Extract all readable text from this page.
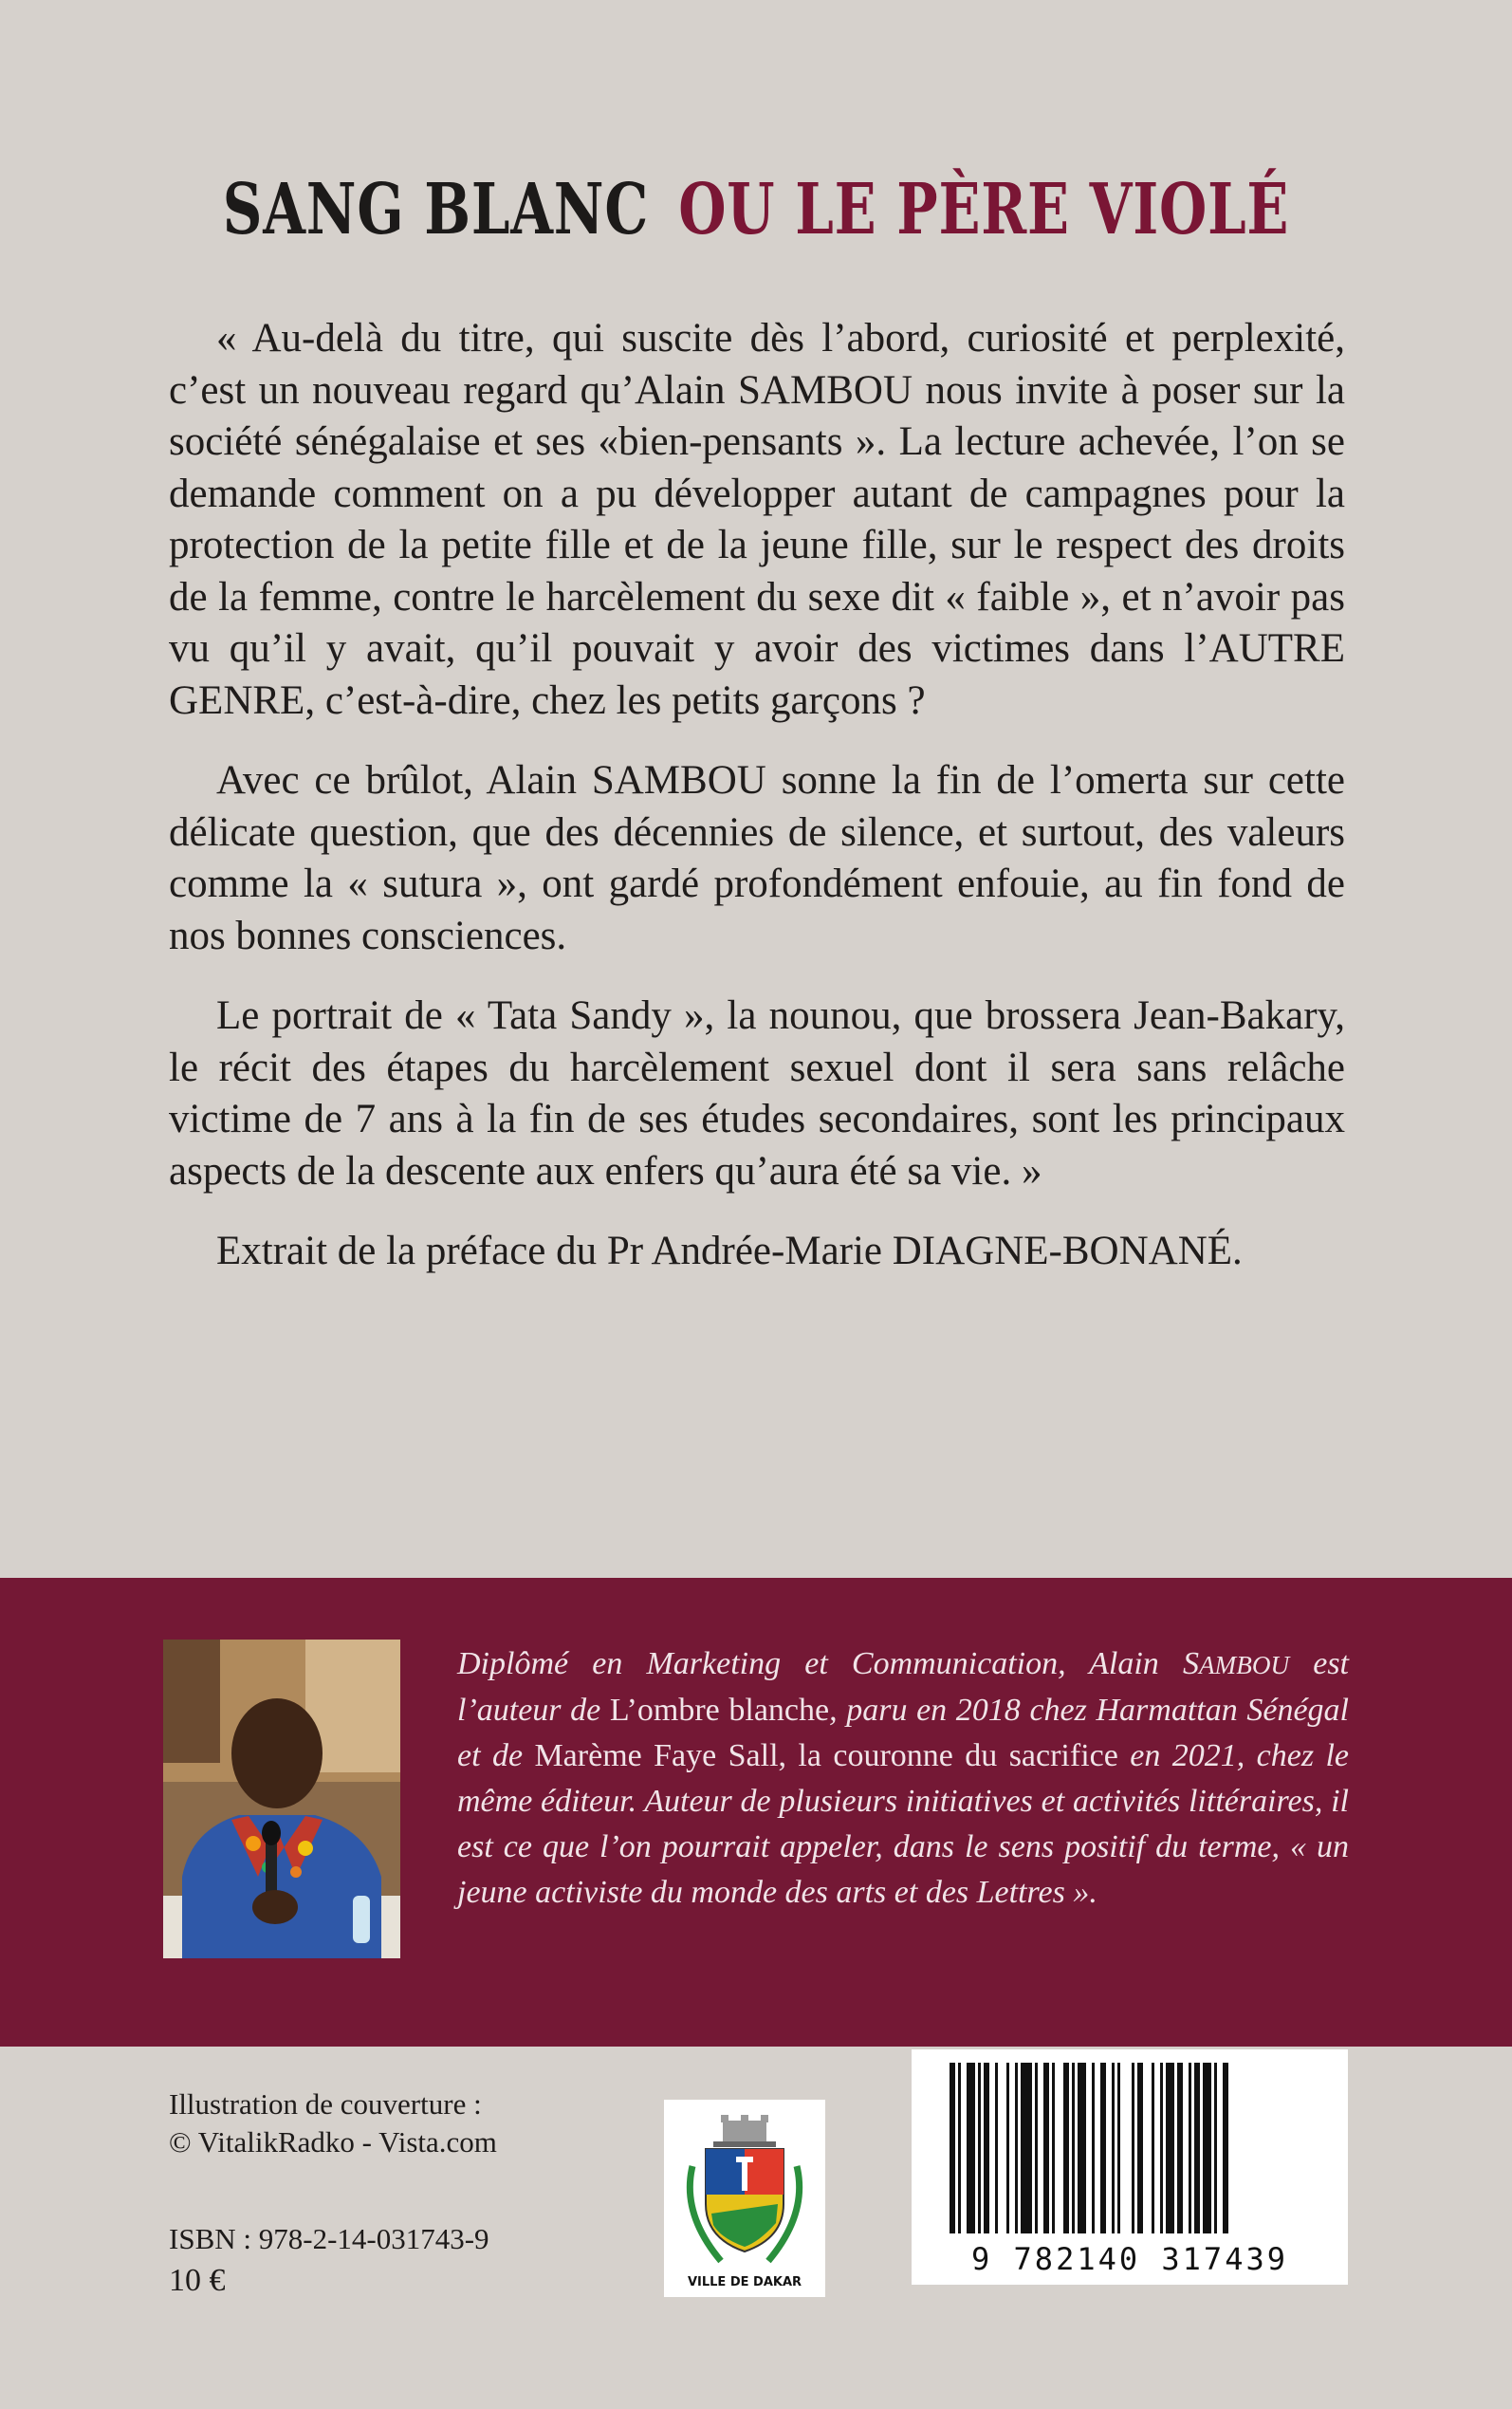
SANG BLANC OU LE PÈRE VIOLÉ

« Au-delà du titre, qui suscite dès l’abord, curiosité et perplexité, c’est un nouveau regard qu’Alain SAMBOU nous invite à poser sur la société sénégalaise et ses «bien-pensants ». La lecture achevée, l’on se demande comment on a pu développer autant de campagnes pour la protection de la petite fille et de la jeune fille, sur le respect des droits de la femme, contre le harcèlement du sexe dit « faible », et n’avoir pas vu qu’il y avait, qu’il pouvait y avoir des victimes dans l’AUTRE GENRE, c’est-à-dire, chez les petits garçons ?

Avec ce brûlot, Alain SAMBOU sonne la fin de l’omerta sur cette délicate question, que des décennies de silence, et surtout, des valeurs comme la « sutura », ont gardé profondément enfouie, au fin fond de nos bonnes consciences.

Le portrait de « Tata Sandy », la nounou, que brossera Jean-Bakary, le récit des étapes du harcèlement sexuel dont il sera sans relâche victime de 7 ans à la fin de ses études secondaires, sont les principaux aspects de la descente aux enfers qu’aura été sa vie. »

Extrait de la préface du Pr Andrée-Marie DIAGNE-BONANÉ.

Diplômé en Marketing et Communication, Alain SAMBOU est l’auteur de L’ombre blanche, paru en 2018 chez Harmattan Sénégal et de Marème Faye Sall, la couronne du sacrifice en 2021, chez le même éditeur. Auteur de plusieurs initiatives et activités littéraires, il est ce que l’on pourrait appeler, dans le sens positif du terme, « un jeune activiste du monde des arts et des Lettres ».
Illustration de couverture :
© VitalikRadko - Vista.com
ISBN : 978-2-14-031743-9
10 €	VILLE DE DAKAR
9 782140 317439
